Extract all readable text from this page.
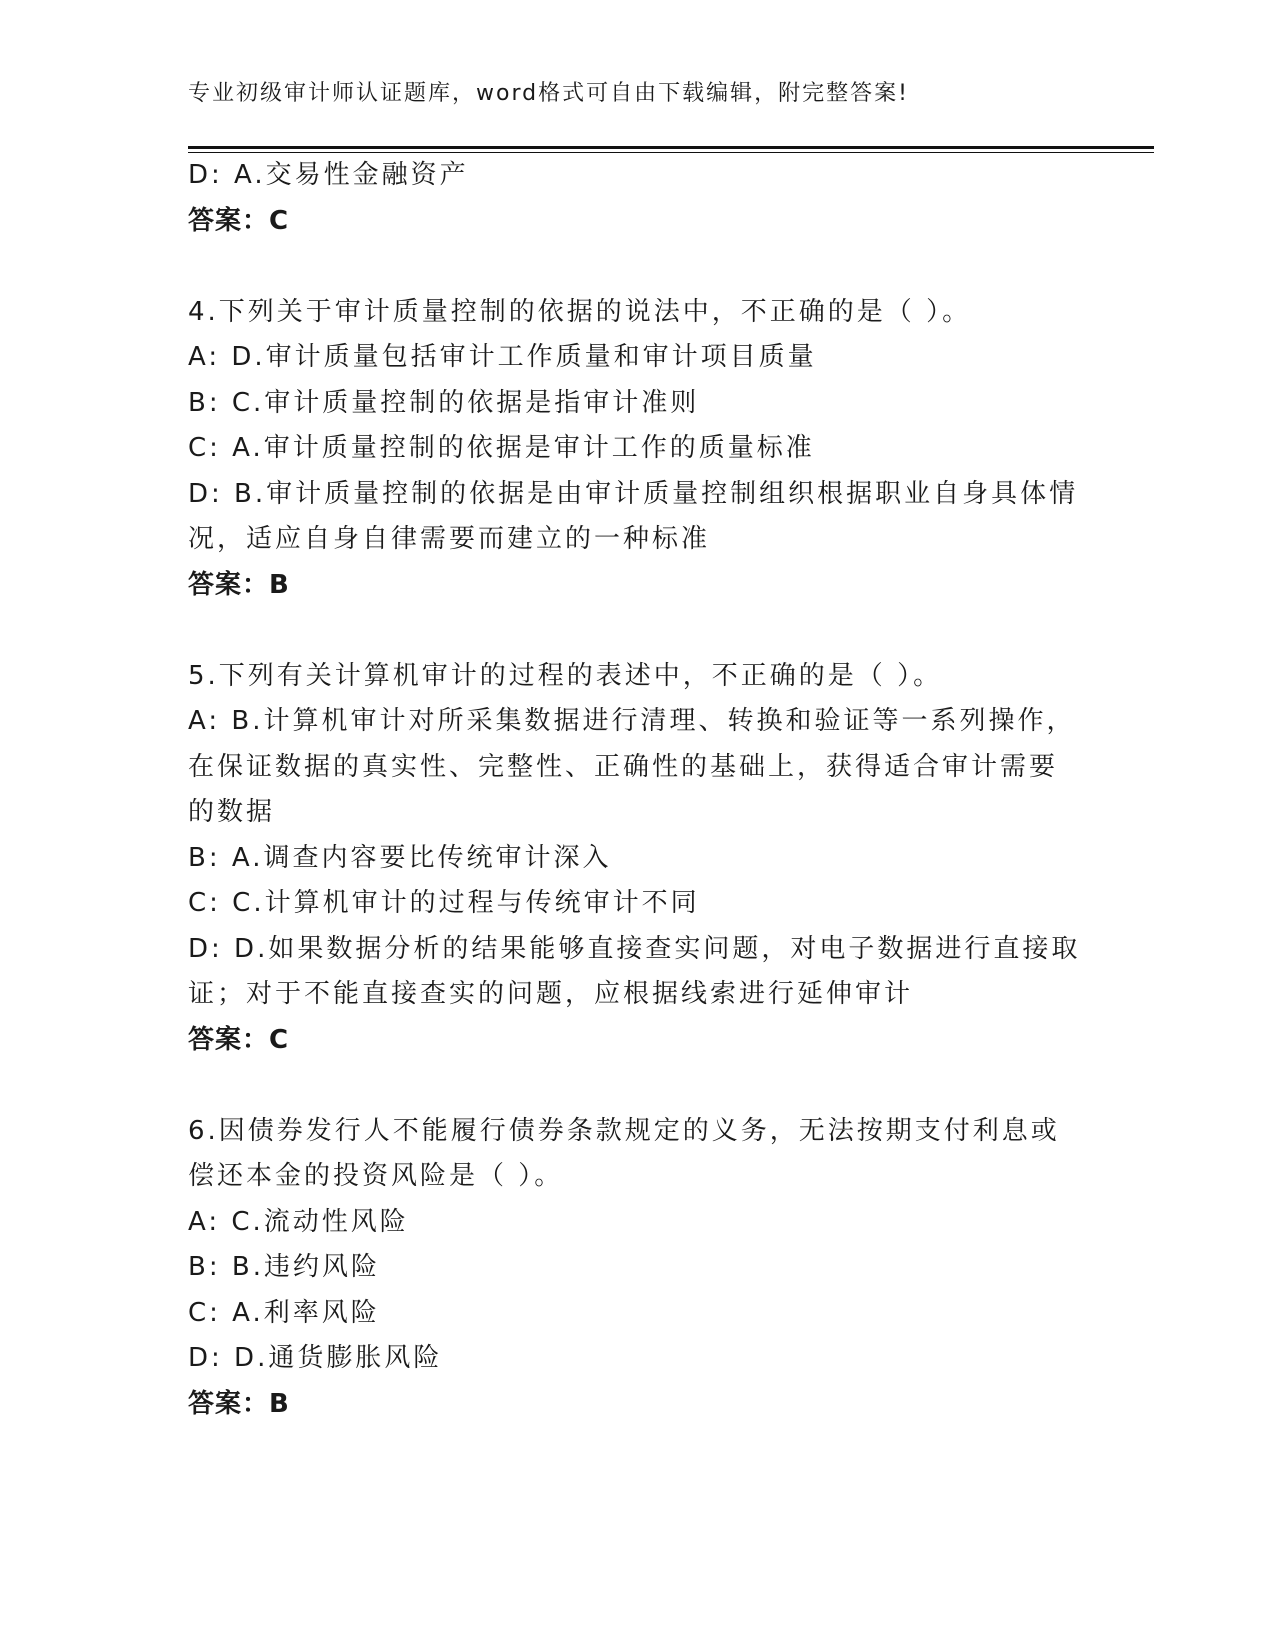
专业初级审计师认证题库，word格式可自由下载编辑，附完整答案!
D: A.交易性金融资产
答案：C
4.下列关于审计质量控制的依据的说法中，不正确的是（ ）。
A: D.审计质量包括审计工作质量和审计项目质量
B: C.审计质量控制的依据是指审计准则
C: A.审计质量控制的依据是审计工作的质量标准
D: B.审计质量控制的依据是由审计质量控制组织根据职业自身具体情
况，适应自身自律需要而建立的一种标准
答案：B
5.下列有关计算机审计的过程的表述中，不正确的是（ ）。
A: B.计算机审计对所采集数据进行清理、转换和验证等一系列操作，
在保证数据的真实性、完整性、正确性的基础上，获得适合审计需要
的数据
B: A.调查内容要比传统审计深入
C: C.计算机审计的过程与传统审计不同
D: D.如果数据分析的结果能够直接查实问题，对电子数据进行直接取
证；对于不能直接查实的问题，应根据线索进行延伸审计
答案：C
6.因债券发行人不能履行债券条款规定的义务，无法按期支付利息或
偿还本金的投资风险是（ ）。
A: C.流动性风险
B: B.违约风险
C: A.利率风险
D: D.通货膨胀风险
答案：B
